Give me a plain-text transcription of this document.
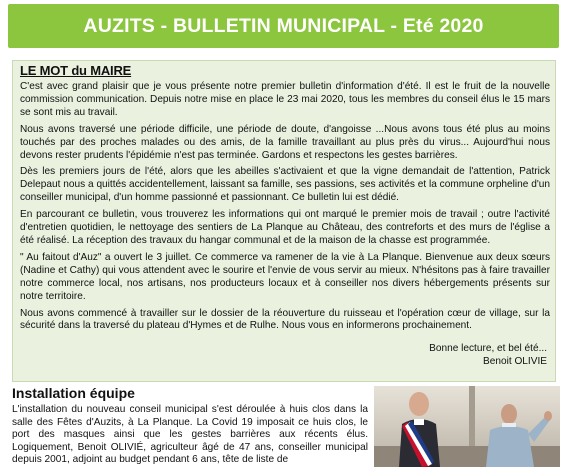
AUZITS - BULLETIN MUNICIPAL - Eté 2020
LE MOT du MAIRE

C'est avec grand plaisir que je vous présente notre premier bulletin d'information d'été. Il est le fruit de la nouvelle commission communication. Depuis notre mise en place le 23 mai 2020, tous les membres du conseil élus le 15 mars se sont mis au travail.

Nous avons traversé une période difficile, une période de doute, d'angoisse ...Nous avons tous été plus au moins touchés par des proches malades ou des amis, de la famille travaillant au plus près du virus... Aujourd'hui nous devons rester prudents l'épidémie n'est pas terminée. Gardons et respectons les gestes barrières.

Dès les premiers jours de l'été, alors que les abeilles s'activaient et que la vigne demandait de l'attention, Patrick Delepaut nous a quittés accidentellement, laissant sa famille, ses passions, ses activités et la commune orpheline d'un conseiller municipal, d'un homme passionné et passionnant. Ce bulletin lui est dédié.

En parcourant ce bulletin, vous trouverez les informations qui ont marqué le premier mois de travail ; outre l'activité d'entretien quotidien, le nettoyage des sentiers de La Planque au Château, des contreforts et des murs de l'église a été réalisé. La réception des travaux du hangar communal et de la maison de la chasse est programmée.

" Au faitout d'Auz" a ouvert le 3 juillet. Ce commerce va ramener de la vie à La Planque. Bienvenue aux deux sœurs (Nadine et Cathy) qui vous attendent avec le sourire et l'envie de vous servir au mieux. N'hésitons pas à faire travailler notre commerce local, nos artisans, nos producteurs locaux et à conseiller nos divers hébergements présents sur notre territoire.

Nous avons commencé à travailler sur le dossier de la réouverture du ruisseau et l'opération cœur de village, sur la sécurité dans la traversé du plateau d'Hymes et de Rulhe. Nous vous en informerons prochainement.

Bonne lecture, et bel été...
Benoit OLIVIE
Installation équipe

L'installation du nouveau conseil municipal s'est déroulée à huis clos dans la salle des Fêtes d'Auzits, à La Planque. La Covid 19 imposait ce huis clos, le port des masques ainsi que les gestes barrières aux récents élus. Logiquement, Benoit OLIVIÉ, agriculteur âgé de 47 ans, conseiller municipal depuis 2001, adjoint au budget pendant 6 ans, tête de liste de
